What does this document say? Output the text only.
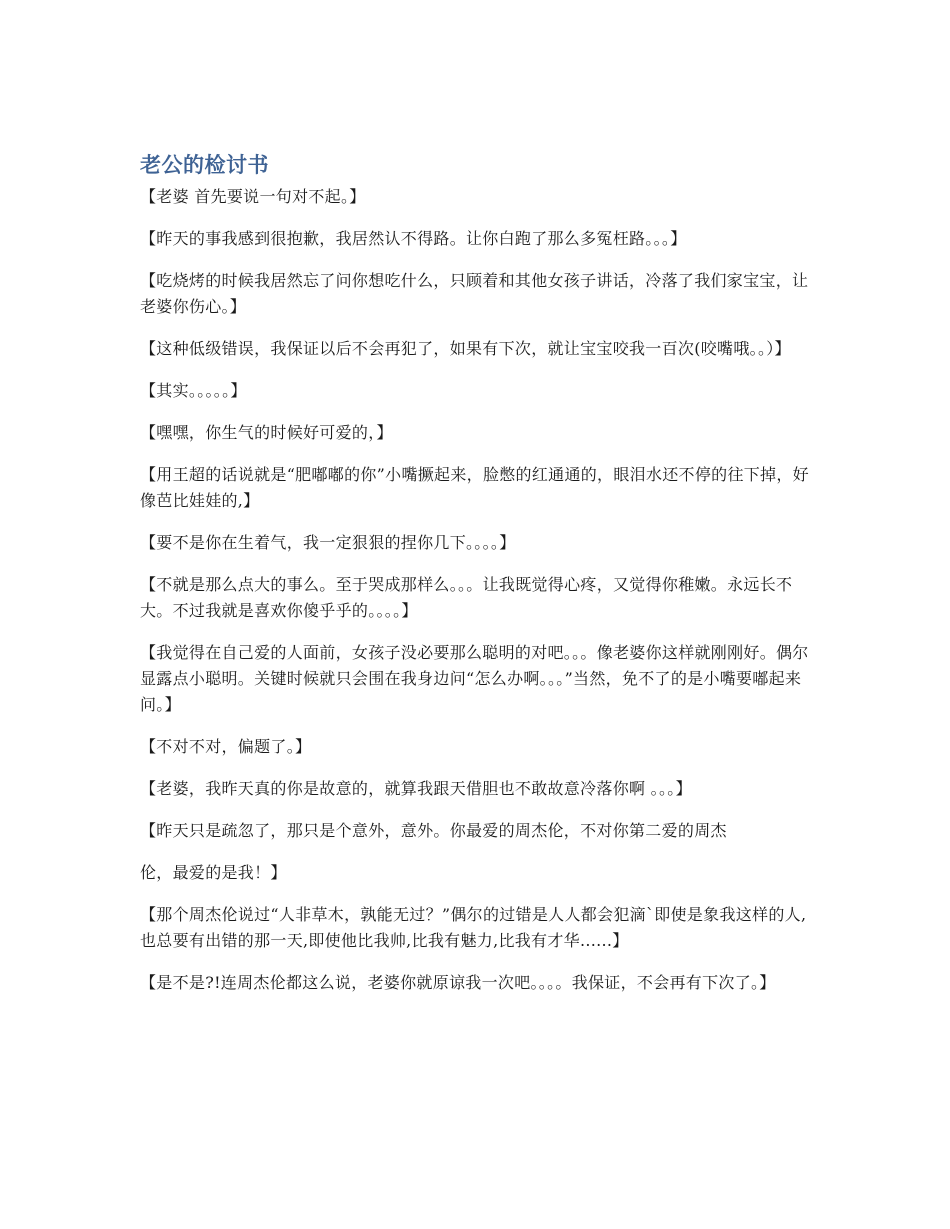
老公的检讨书

【老婆 首先要说一句对不起。】

【昨天的事我感到很抱歉，我居然认不得路。让你白跑了那么多冤枉路。。。】

【吃烧烤的时候我居然忘了问你想吃什么，只顾着和其他女孩子讲话，冷落了我们家宝宝，让老婆你伤心。】

【这种低级错误，我保证以后不会再犯了，如果有下次，就让宝宝咬我一百次(咬嘴哦。。）】

【其实。。。。。】

【嘿嘿，你生气的时候好可爱的，】

【用王超的话说就是“肥嘟嘟的你”小嘴撅起来，脸憋的红通通的，眼泪水还不停的往下掉，好像芭比娃娃的,】

【要不是你在生着气，我一定狠狠的捏你几下。。。。】

【不就是那么点大的事么。至于哭成那样么。。。让我既觉得心疼，又觉得你稚嫩。永远长不大。不过我就是喜欢你傻乎乎的。。。。】

【我觉得在自己爱的人面前，女孩子没必要那么聪明的对吧。。。像老婆你这样就刚刚好。偶尔显露点小聪明。关键时候就只会围在我身边问“怎么办啊。。。”当然，免不了的是小嘴要嘟起来问。】

【不对不对，偏题了。】

【老婆，我昨天真的你是故意的，就算我跟天借胆也不敢故意冷落你啊 。。。】

【昨天只是疏忽了，那只是个意外，意外。你最爱的周杰伦，不对你第二爱的周杰

伦，最爱的是我！】

【那个周杰伦说过“人非草木，孰能无过？”偶尔的过错是人人都会犯滴`即使是象我这样的人,也总要有出错的那一天,即使他比我帅,比我有魅力,比我有才华......】

【是不是?!连周杰伦都这么说，老婆你就原谅我一次吧。。。。我保证，不会再有下次了。】
